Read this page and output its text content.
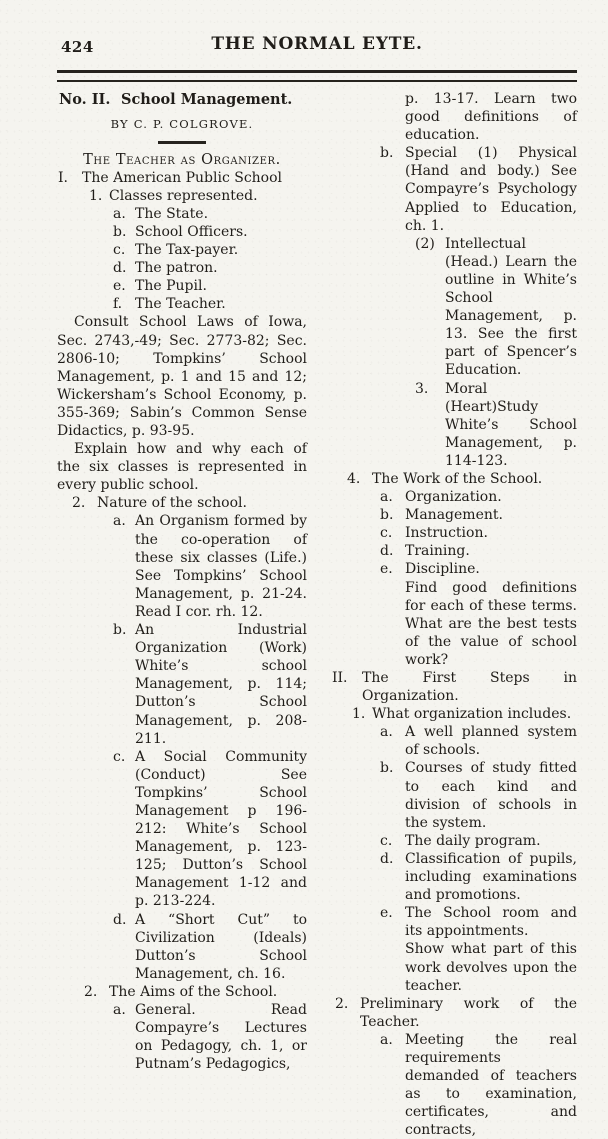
424	THE NORMAL EYTE.
No. II. School Management.
BY C. P. COLGROVE.
The Teacher as Organizer.
I. The American Public School
1. Classes represented.
a. The State.
b. School Officers.
c. The Tax-payer.
d. The patron.
e. The Pupil.
f. The Teacher.
Consult School Laws of Iowa, Sec. 2743,-49; Sec. 2773-82; Sec. 2806-10; Tompkins’ School Management, p. 1 and 15 and 12; Wickersham’s School Economy, p. 355-369; Sabin’s Common Sense Didactics, p. 93-95.
Explain how and why each of the six classes is represented in every public school.
2. Nature of the school.
a. An Organism formed by the co-operation of these six classes (Life.) See Tompkins’ School Management, p. 21-24. Read I cor. rh. 12.
b. An Industrial Organization (Work) White’s school Management, p. 114; Dutton’s School Management, p. 208-211.
c. A Social Community (Conduct) See Tompkins’ School Management p 196-212: White’s School Management, p. 123-125; Dutton’s School Management 1-12 and p. 213-224.
d. A “Short Cut” to Civilization (Ideals) Dutton’s School Management, ch. 16.
2. The Aims of the School.
a. General. Read Compayre’s Lectures on Pedagogy, ch. 1, or Putnam’s Pedagogics,
p. 13-17. Learn two good definitions of education.
b. Special (1) Physical (Hand and body.) See Compayre’s Psychology Applied to Education, ch. 1.
(2) Intellectual (Head.) Learn the outline in White’s School Management, p. 13. See the first part of Spencer’s Education.
3. Moral (Heart)Study White’s School Management, p. 114-123.
4. The Work of the School.
a. Organization.
b. Management.
c. Instruction.
d. Training.
e. Discipline.
Find good definitions for each of these terms. What are the best tests of the value of school work?
II. The First Steps in Organization.
1. What organization includes.
a. A well planned system of schools.
b. Courses of study fitted to each kind and division of schools in the system.
c. The daily program.
d. Classification of pupils, including examinations and promotions.
e. The School room and its appointments.
Show what part of this work devolves upon the teacher.
2. Preliminary work of the Teacher.
a. Meeting the real requirements demanded of teachers as to examination, certificates, and contracts,
